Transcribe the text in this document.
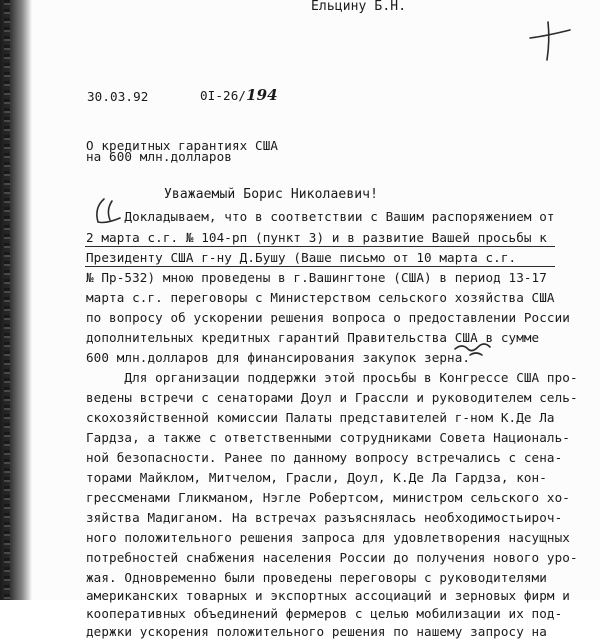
Ельцину Б.Н.
30.03.92	0I-26/194
О кредитных гарантиях США
на 600 млн.долларов
Уважаемый Борис Николаевич!
Докладываем, что в соответствии с Вашим распоряжением от
2 марта с.г. № 104-рп (пункт 3) и в развитие Вашей просьбы к
Президенту США г-ну Д.Бушу (Ваше письмо от 10 марта с.г.
№ Пр-532) мною проведены в г.Вашингтоне (США) в период 13-17
марта с.г. переговоры с Министерством сельского хозяйства США
по вопросу об ускорении решения вопроса о предоставлении России
дополнительных кредитных гарантий Правительства США в сумме
600 млн.долларов для финансирования закупок зерна.
Для организации поддержки этой просьбы в Конгрессе США про-
ведены встречи с сенаторами Доул и Грассли и руководителем сель-
скохозяйственной комиссии Палаты представителей г-ном К.Де Ла
Гардза, а также с ответственными сотрудниками Совета Националь-
ной безопасности. Ранее по данному вопросу встречались с сена-
торами Майклом, Митчелом, Грасли, Доул, К.Де Ла Гардза, кон-
грессменами Гликманом, Нэгле Робертсом, министром сельского хо-
зяйства Мадиганом. На встречах разъяснялась необходимостьироч-
ного положительного решения запроса для удовлетворения насущных
потребностей снабжения населения России до получения нового уро-
жая. Одновременно были проведены переговоры с руководителями
американских товарных и экспортных ассоциаций и зерновых фирм и
кооперативных объединений фермеров с целью мобилизации их под-
держки ускорения положительного решения по нашему запросу на
